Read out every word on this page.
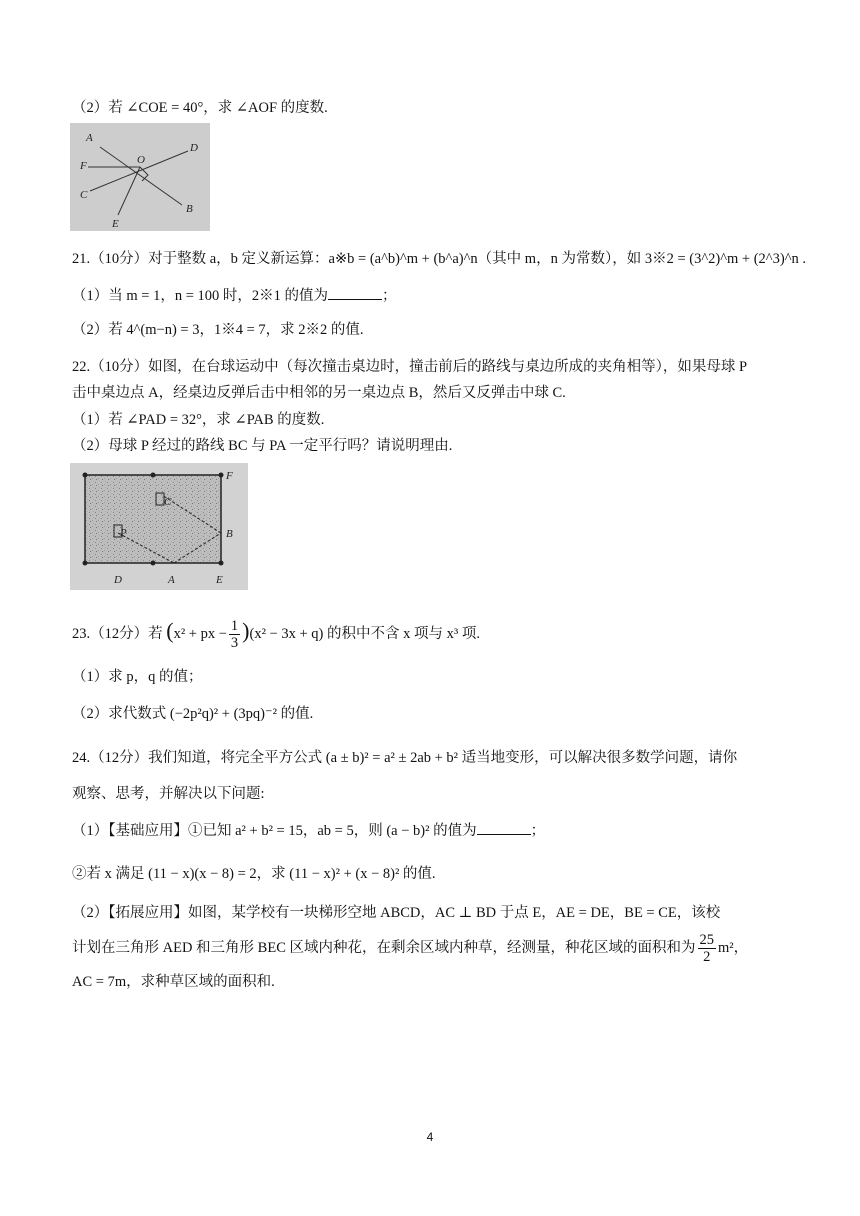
（2）若 ∠COE = 40°，求 ∠AOF 的度数.
A
F	O
D
C
B
E
21.（10分）对于整数 a，b 定义新运算：a※b = (a^b)^m + (b^a)^n（其中 m，n 为常数），如 3※2 = (3^2)^m + (2^3)^n .
（1）当 m = 1，n = 100 时，2※1 的值为	；
（2）若 4^(m−n) = 3，1※4 = 7，求 2※2 的值.
22.（10分）如图，在台球运动中（每次撞击桌边时，撞击前后的路线与桌边所成的夹角相等），如果母球 P
击中桌边点 A，经桌边反弹后击中相邻的另一桌边点 B，然后又反弹击中球 C.
（1）若 ∠PAD = 32°，求 ∠PAB 的度数.
（2）母球 P 经过的路线 BC 与 PA 一定平行吗？请说明理由.
F
C
P	B
D	A	E
23.（12分）若 (x² + px − $\frac{1}{3} )(x^2 - 3x + q)$ 的积中不含 x 项与 x³ 项.
（1）求 p，q 的值；
（2）求代数式 (−2p²q)² + (3pq)⁻² 的值.
24.（12分）我们知道，将完全平方公式 (a ± b)² = a² ± 2ab + b² 适当地变形，可以解决很多数学问题，请你
观察、思考，并解决以下问题:
（1）【基础应用】①已知 a² + b² = 15，ab = 5，则 (a − b)² 的值为	；
②若 x 满足 (11 − x)(x − 8) = 2，求 (11 − x)² + (x − 8)² 的值.
（2）【拓展应用】如图，某学校有一块梯形空地 ABCD，AC ⊥ BD 于点 E，AE = DE，BE = CE，该校
计划在三角形 AED 和三角形 BEC 区域内种花，在剩余区域内种草，经测量，种花区域的面积和为 $\frac{25}{2} m^2$，
AC = 7m，求种草区域的面积和.
4
